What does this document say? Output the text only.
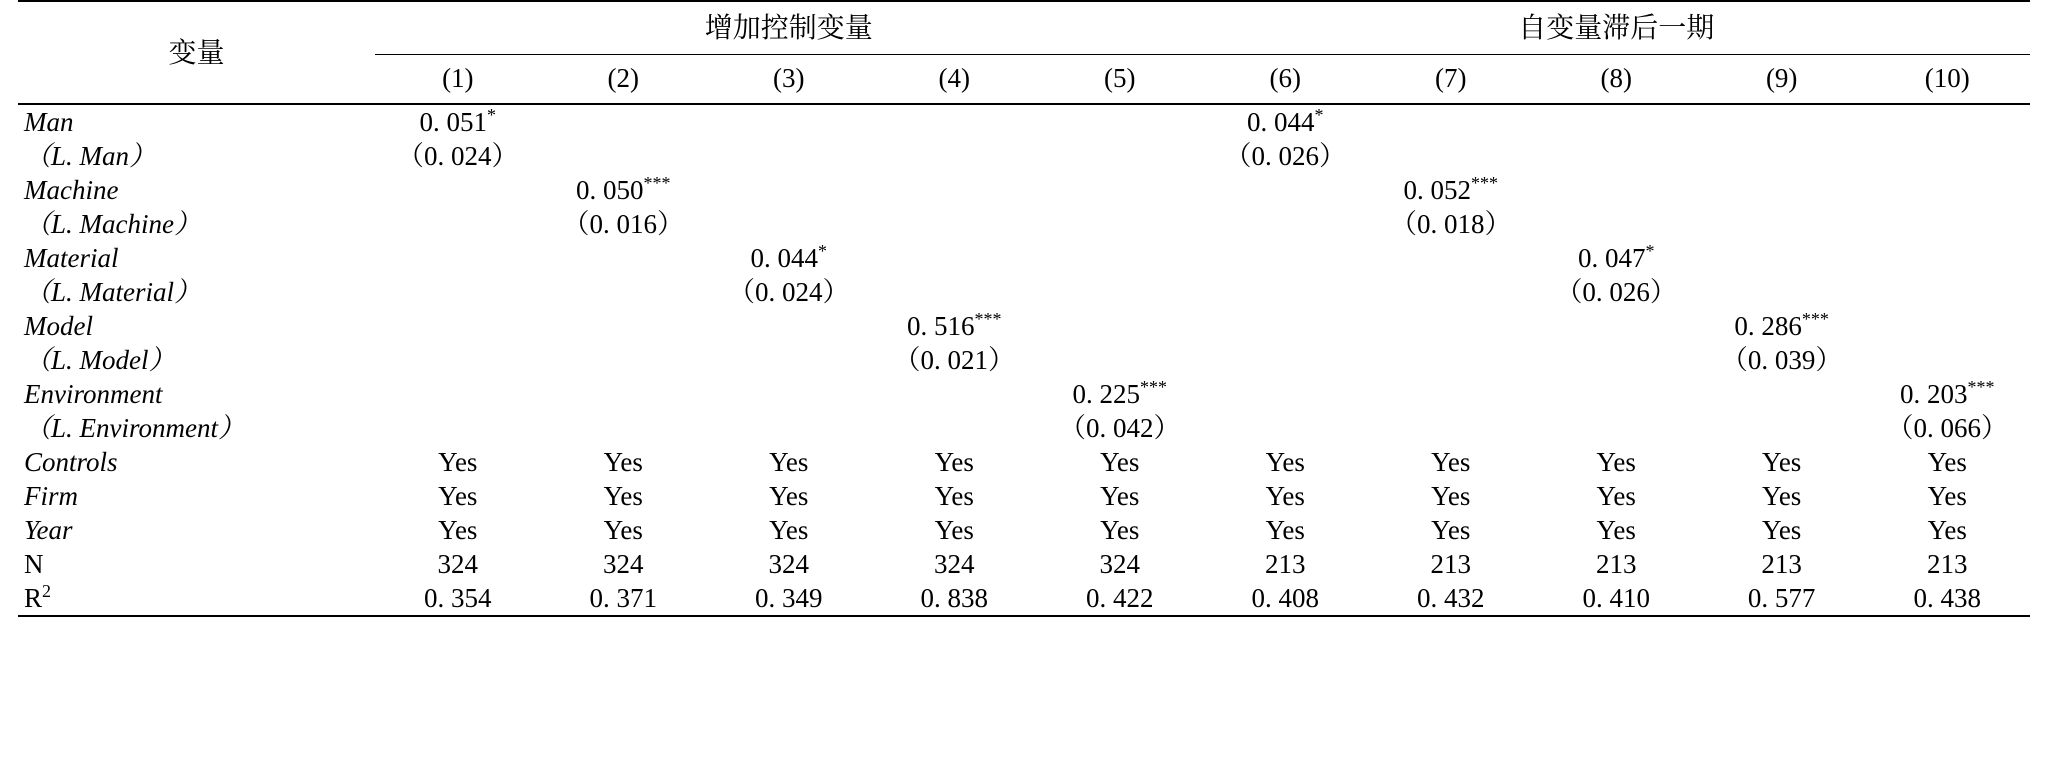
变量	增加控制变量					自变量滞后一期				
	(1)	(2)	(3)	(4)	(5)	(6)	(7)	(8)	(9)	(10)
Man	0. 051*					0. 044*				
（L. Man）	（0. 024）					（0. 026）				
Machine		0. 050***					0. 052***			
（L. Machine）		（0. 016）					（0. 018）			
Material			0. 044*					0. 047*		
（L. Material）			（0. 024）					（0. 026）		
Model				0. 516***					0. 286***	
（L. Model）				（0. 021）					（0. 039）	
Environment					0. 225***					0. 203***
（L. Environment）					（0. 042）					（0. 066）
Controls	Yes	Yes	Yes	Yes	Yes	Yes	Yes	Yes	Yes	Yes
Firm	Yes	Yes	Yes	Yes	Yes	Yes	Yes	Yes	Yes	Yes
Year	Yes	Yes	Yes	Yes	Yes	Yes	Yes	Yes	Yes	Yes
N	324	324	324	324	324	213	213	213	213	213
$R^2$	0. 354	0. 371	0. 349	0. 838	0. 422	0. 408	0. 432	0. 410	0. 577	0. 438
